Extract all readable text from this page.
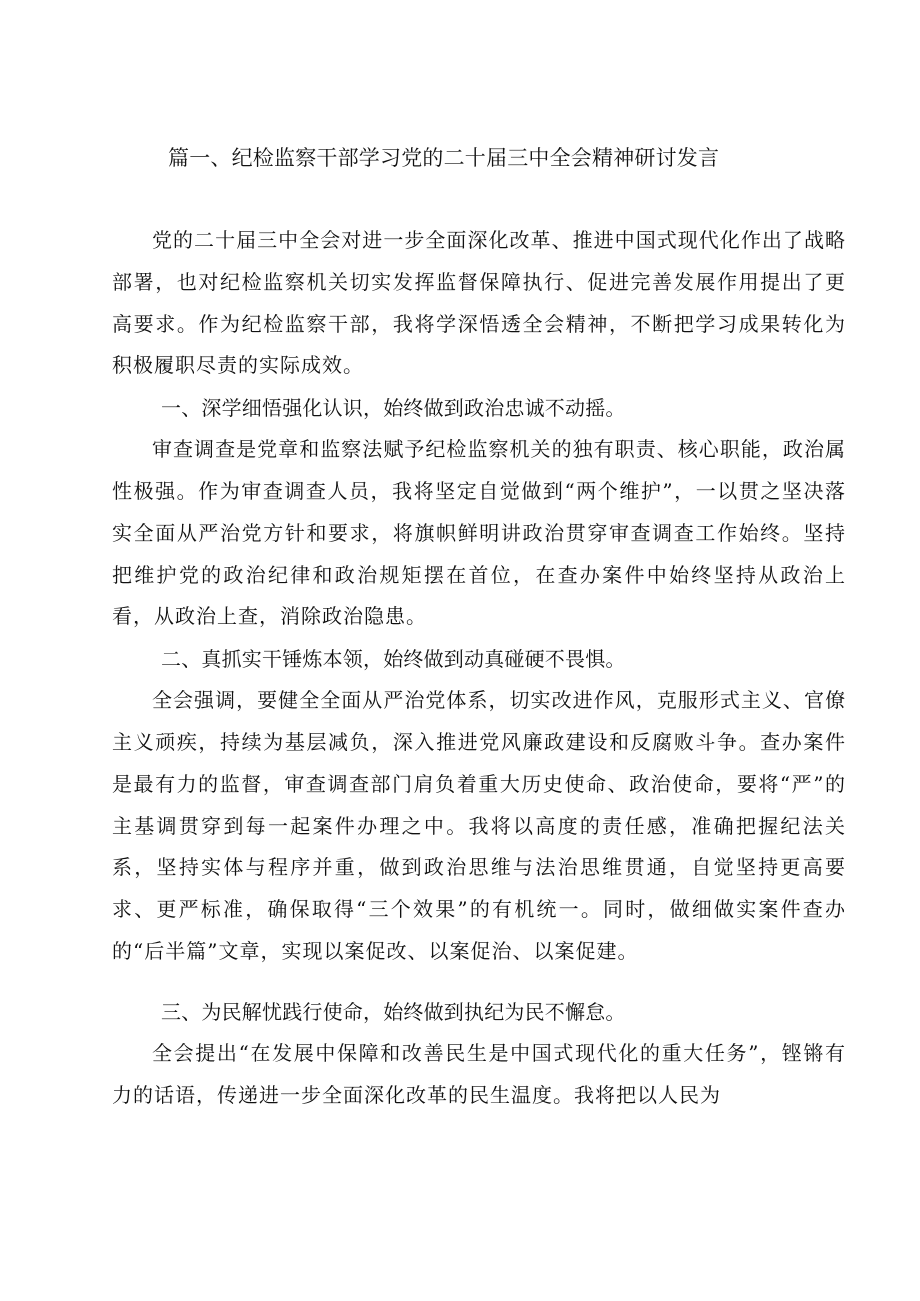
篇一、纪检监察干部学习党的二十届三中全会精神研讨发言

党的二十届三中全会对进一步全面深化改革、推进中国式现代化作出了战略部署，也对纪检监察机关切实发挥监督保障执行、促进完善发展作用提出了更高要求。作为纪检监察干部，我将学深悟透全会精神，不断把学习成果转化为积极履职尽责的实际成效。

一、深学细悟强化认识，始终做到政治忠诚不动摇。

审查调查是党章和监察法赋予纪检监察机关的独有职责、核心职能，政治属性极强。作为审查调查人员，我将坚定自觉做到“两个维护”，一以贯之坚决落实全面从严治党方针和要求，将旗帜鲜明讲政治贯穿审查调查工作始终。坚持把维护党的政治纪律和政治规矩摆在首位，在查办案件中始终坚持从政治上看，从政治上查，消除政治隐患。

二、真抓实干锤炼本领，始终做到动真碰硬不畏惧。

全会强调，要健全全面从严治党体系，切实改进作风，克服形式主义、官僚主义顽疾，持续为基层减负，深入推进党风廉政建设和反腐败斗争。查办案件是最有力的监督，审查调查部门肩负着重大历史使命、政治使命，要将“严”的主基调贯穿到每一起案件办理之中。我将以高度的责任感，准确把握纪法关系，坚持实体与程序并重，做到政治思维与法治思维贯通，自觉坚持更高要求、更严标准，确保取得“三个效果”的有机统一。同时，做细做实案件查办的“后半篇”文章，实现以案促改、以案促治、以案促建。

三、为民解忧践行使命，始终做到执纪为民不懈怠。

全会提出“在发展中保障和改善民生是中国式现代化的重大任务”，铿锵有力的话语，传递进一步全面深化改革的民生温度。我将把以人民为
